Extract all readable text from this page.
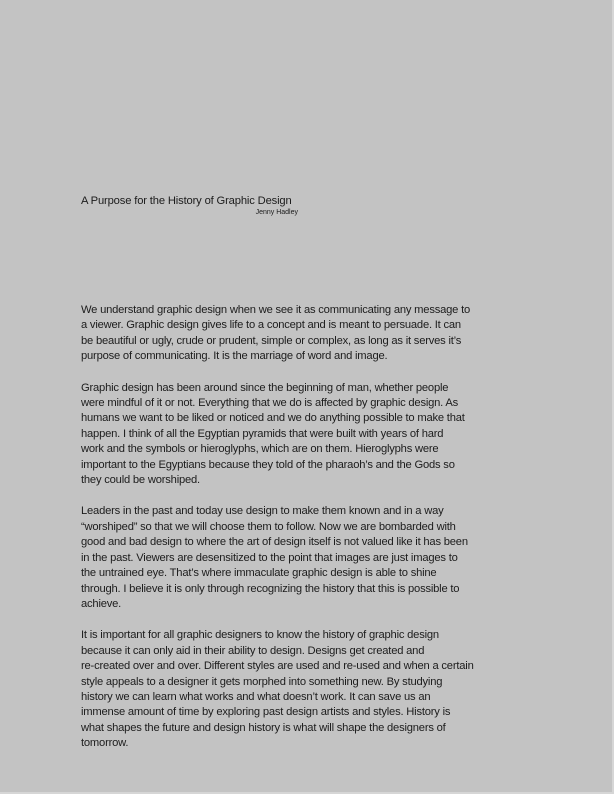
A Purpose for the History of Graphic Design

Jenny Hadley

We understand graphic design when we see it as communicating any message to
a viewer. Graphic design gives life to a concept and is meant to persuade. It can
be beautiful or ugly, crude or prudent, simple or complex, as long as it serves it’s
purpose of communicating. It is the marriage of word and image.

Graphic design has been around since the beginning of man, whether people
were mindful of it or not. Everything that we do is affected by graphic design. As
humans we want to be liked or noticed and we do anything possible to make that
happen. I think of all the Egyptian pyramids that were built with years of hard
work and the symbols or hieroglyphs, which are on them. Hieroglyphs were
important to the Egyptians because they told of the pharaoh’s and the Gods so
they could be worshiped.

Leaders in the past and today use design to make them known and in a way
“worshiped” so that we will choose them to follow. Now we are bombarded with
good and bad design to where the art of design itself is not valued like it has been
in the past. Viewers are desensitized to the point that images are just images to
the untrained eye. That’s where immaculate graphic design is able to shine
through. I believe it is only through recognizing the history that this is possible to
achieve.

It is important for all graphic designers to know the history of graphic design
because it can only aid in their ability to design. Designs get created and
re-created over and over. Different styles are used and re-used and when a certain
style appeals to a designer it gets morphed into something new. By studying
history we can learn what works and what doesn’t work. It can save us an
immense amount of time by exploring past design artists and styles. History is
what shapes the future and design history is what will shape the designers of
tomorrow.
